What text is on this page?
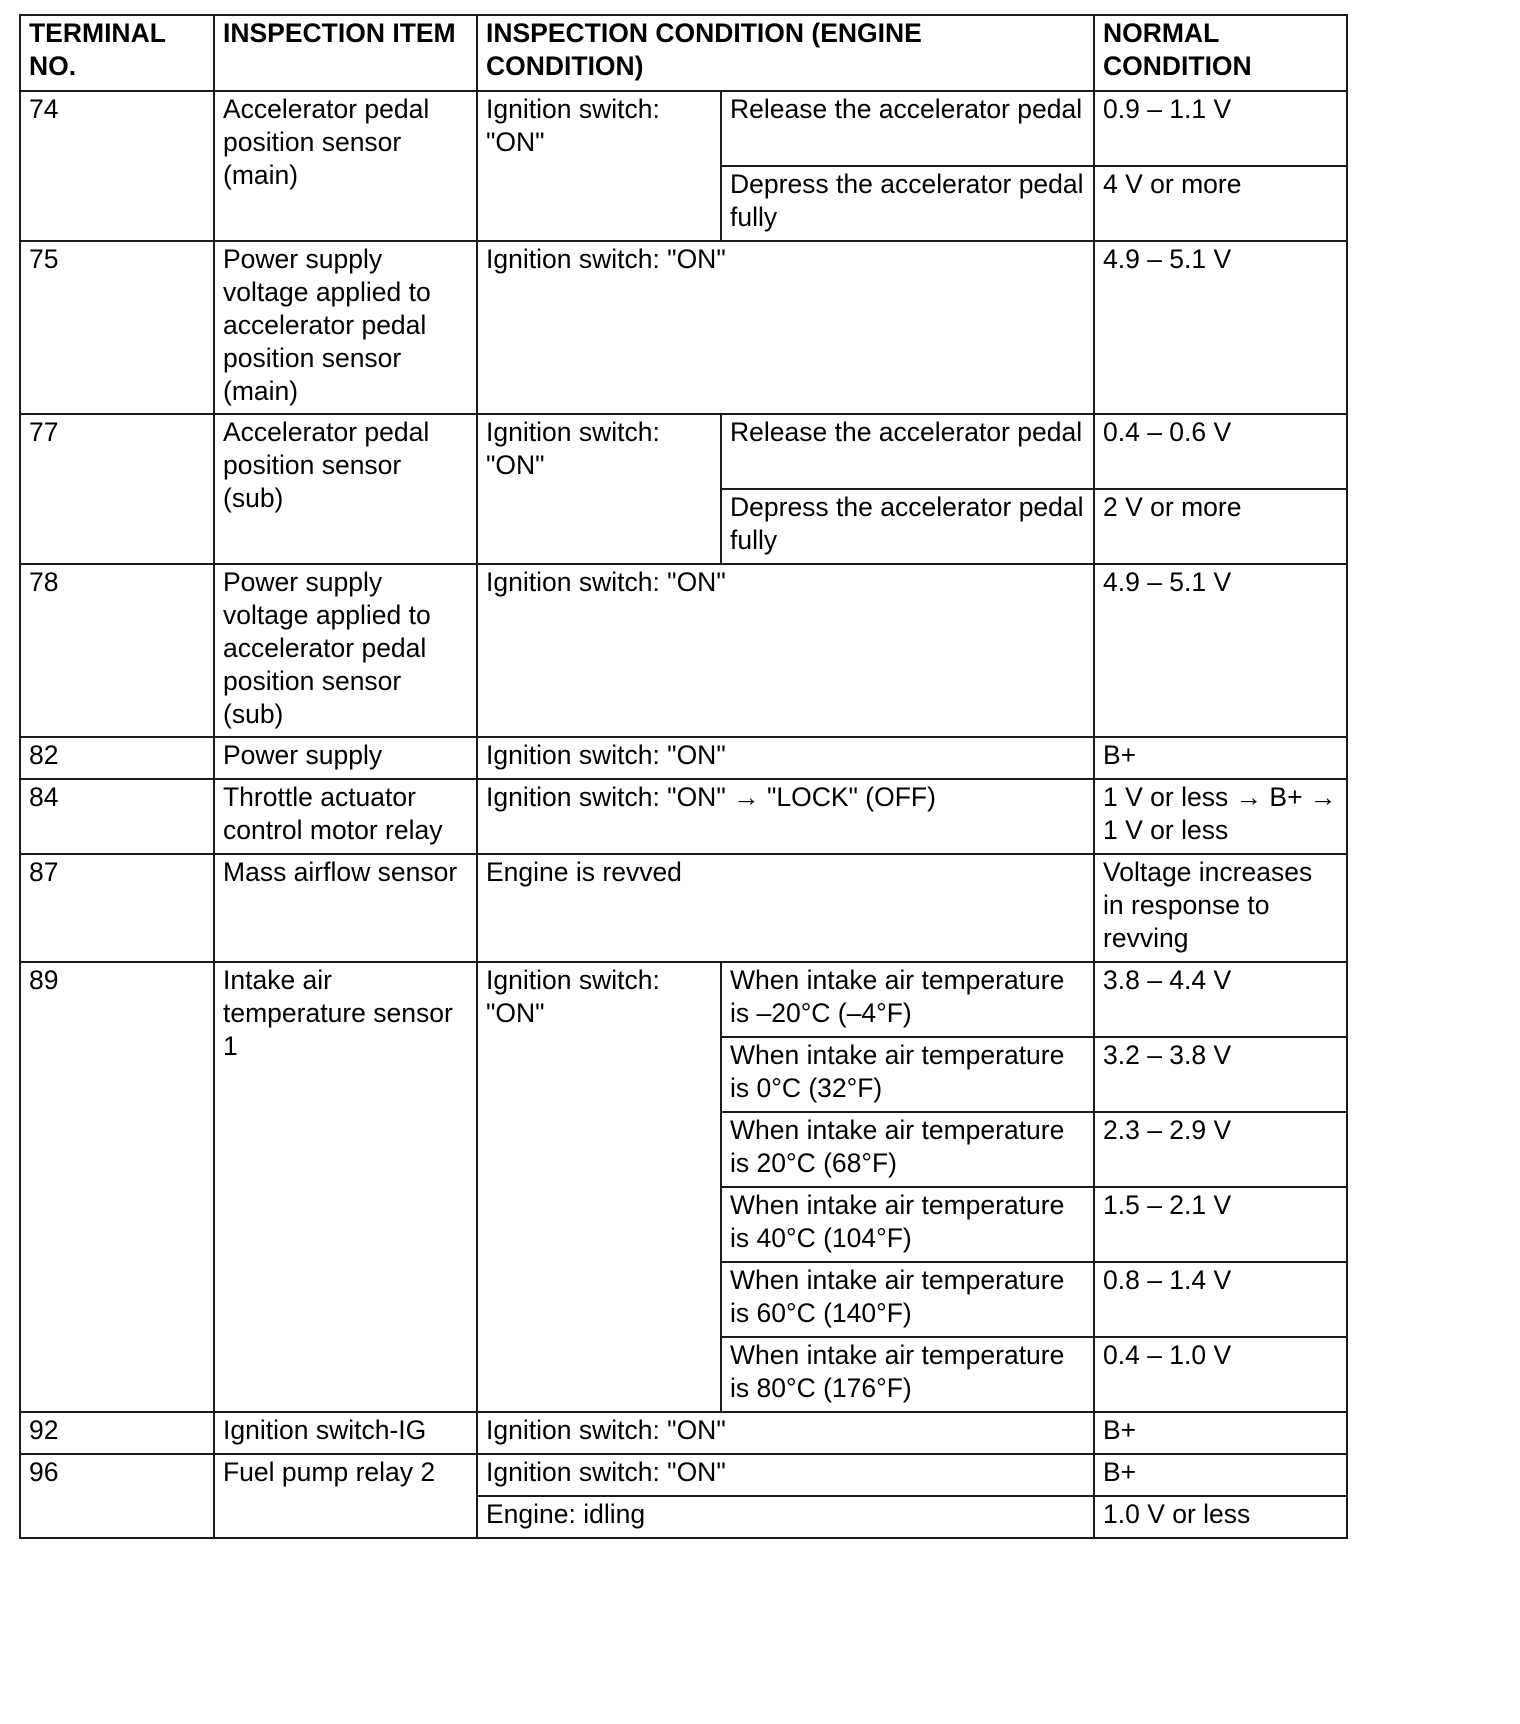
TERMINAL NO.	INSPECTION ITEM	INSPECTION CONDITION (ENGINE CONDITION)		NORMAL CONDITION
74	Accelerator pedal position sensor (main)	Ignition switch: "ON"	Release the accelerator pedal	0.9 – 1.1 V
			Depress the accelerator pedal fully	4 V or more
75	Power supply voltage applied to accelerator pedal position sensor (main)	Ignition switch: "ON"		4.9 – 5.1 V
77	Accelerator pedal position sensor (sub)	Ignition switch: "ON"	Release the accelerator pedal	0.4 – 0.6 V
			Depress the accelerator pedal fully	2 V or more
78	Power supply voltage applied to accelerator pedal position sensor (sub)	Ignition switch: "ON"		4.9 – 5.1 V
82	Power supply	Ignition switch: "ON"		B+
84	Throttle actuator control motor relay	Ignition switch: "ON" → "LOCK" (OFF)		1 V or less → B+ → 1 V or less
87	Mass airflow sensor	Engine is revved		Voltage increases in response to revving
89	Intake air temperature sensor 1	Ignition switch: "ON"	When intake air temperature is –20°C (–4°F)	3.8 – 4.4 V
			When intake air temperature is 0°C (32°F)	3.2 – 3.8 V
			When intake air temperature is 20°C (68°F)	2.3 – 2.9 V
			When intake air temperature is 40°C (104°F)	1.5 – 2.1 V
			When intake air temperature is 60°C (140°F)	0.8 – 1.4 V
			When intake air temperature is 80°C (176°F)	0.4 – 1.0 V
92	Ignition switch-IG	Ignition switch: "ON"		B+
96	Fuel pump relay 2	Ignition switch: "ON"		B+
		Engine: idling		1.0 V or less
